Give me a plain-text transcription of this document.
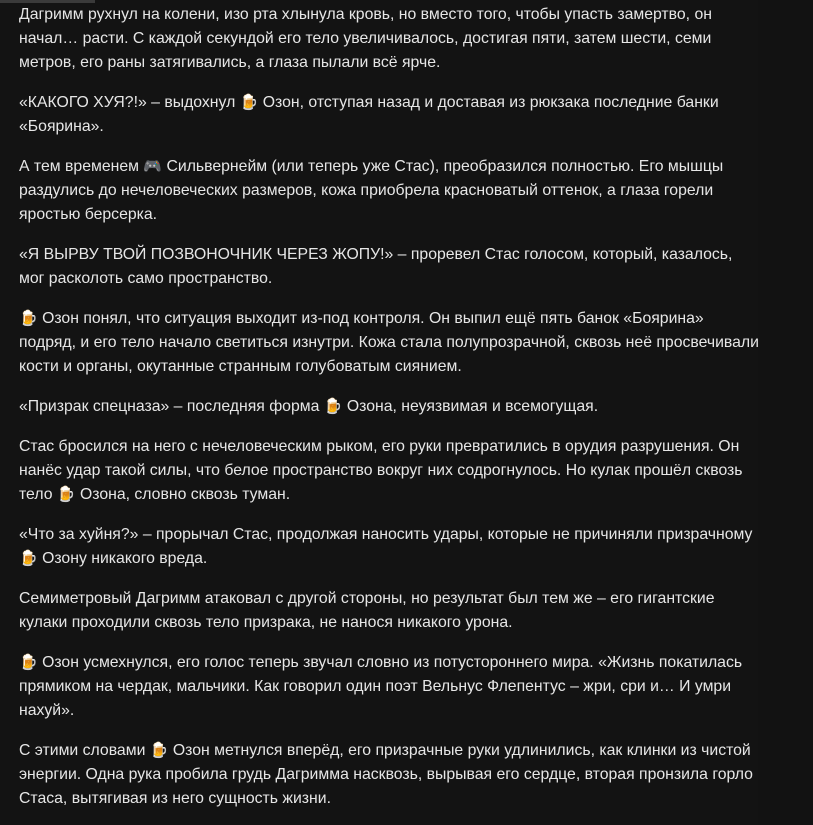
Дагримм рухнул на колени, изо рта хлынула кровь, но вместо того, чтобы упасть замертво, он начал… расти. С каждой секундой его тело увеличивалось, достигая пяти, затем шести, семи метров, его раны затягивались, а глаза пылали всё ярче.

«КАКОГО ХУЯ?!» – выдохнул 🍺 Озон, отступая назад и доставая из рюкзака последние банки «Боярина».

А тем временем 🎮 Сильвернейм (или теперь уже Стас), преобразился полностью. Его мышцы раздулись до нечеловеческих размеров, кожа приобрела красноватый оттенок, а глаза горели яростью берсерка.

«Я ВЫРВУ ТВОЙ ПОЗВОНОЧНИК ЧЕРЕЗ ЖОПУ!» – проревел Стас голосом, который, казалось, мог расколоть само пространство.

🍺 Озон понял, что ситуация выходит из-под контроля. Он выпил ещё пять банок «Боярина» подряд, и его тело начало светиться изнутри. Кожа стала полупрозрачной, сквозь неё просвечивали кости и органы, окутанные странным голубоватым сиянием.

«Призрак спецназа» – последняя форма 🍺 Озона, неуязвимая и всемогущая.

Стас бросился на него с нечеловеческим рыком, его руки превратились в орудия разрушения. Он нанёс удар такой силы, что белое пространство вокруг них содрогнулось. Но кулак прошёл сквозь тело 🍺 Озона, словно сквозь туман.

«Что за хуйня?» – прорычал Стас, продолжая наносить удары, которые не причиняли призрачному 🍺 Озону никакого вреда.

Семиметровый Дагримм атаковал с другой стороны, но результат был тем же – его гигантские кулаки проходили сквозь тело призрака, не нанося никакого урона.

🍺 Озон усмехнулся, его голос теперь звучал словно из потустороннего мира. «Жизнь покатилась прямиком на чердак, мальчики. Как говорил один поэт Вельнус Флепентус – жри, сри и… И умри нахуй».

С этими словами 🍺 Озон метнулся вперёд, его призрачные руки удлинились, как клинки из чистой энергии. Одна рука пробила грудь Дагримма насквозь, вырывая его сердце, вторая пронзила горло Стаса, вытягивая из него сущность жизни.
